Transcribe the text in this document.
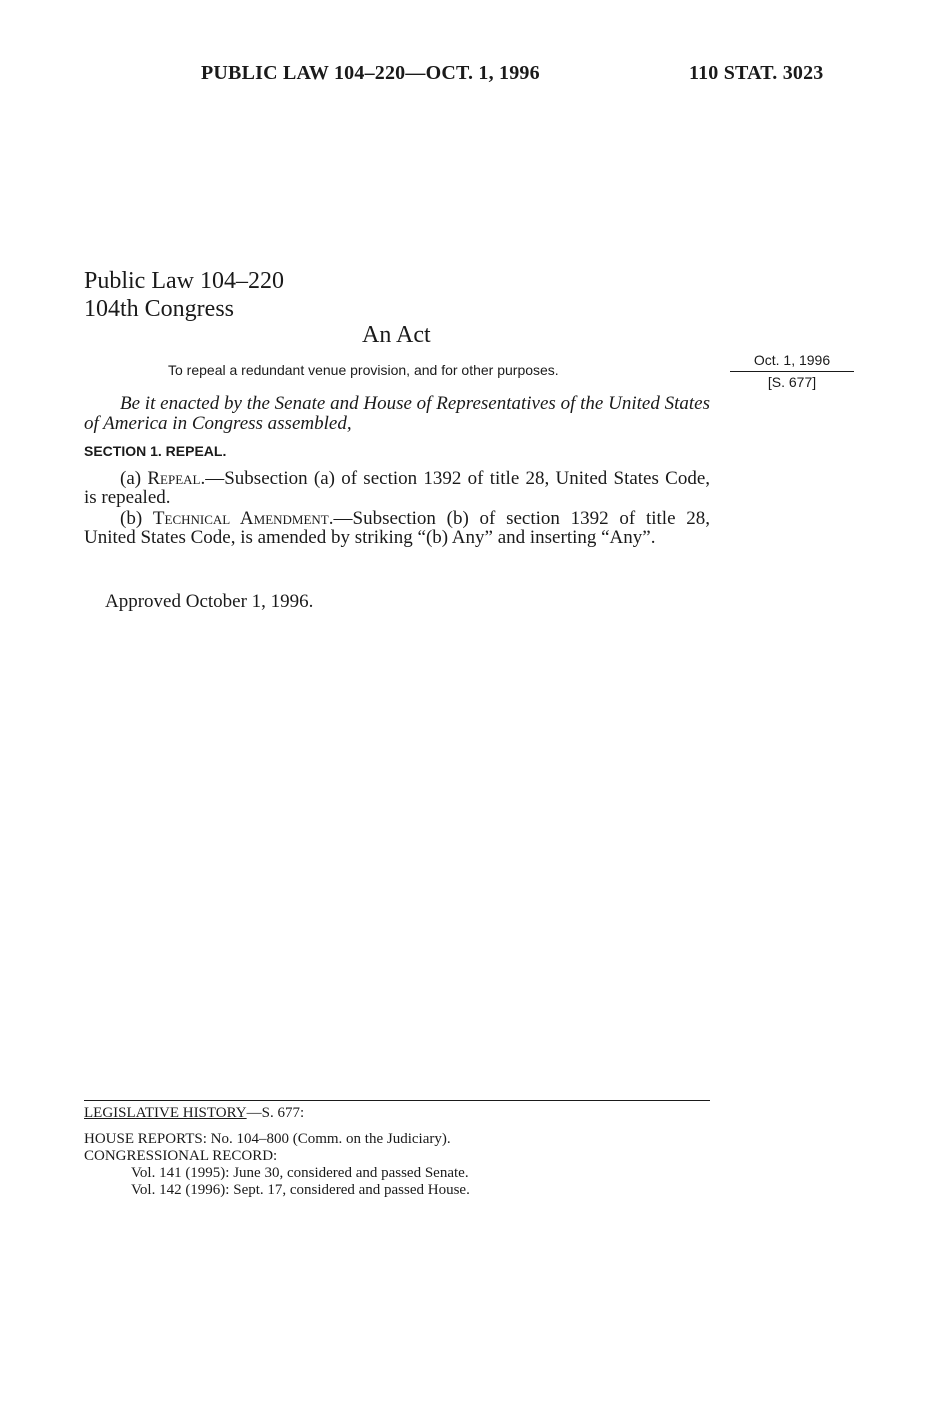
PUBLIC LAW 104–220—OCT. 1, 1996	110 STAT. 3023
Public Law 104–220
104th Congress
An Act
To repeal a redundant venue provision, and for other purposes.
Oct. 1, 1996
[S. 677]
Be it enacted by the Senate and House of Representatives of the United States of America in Congress assembled,
SECTION 1. REPEAL.
(a) Repeal.—Subsection (a) of section 1392 of title 28, United States Code, is repealed.
(b) Technical Amendment.—Subsection (b) of section 1392 of title 28, United States Code, is amended by striking “(b) Any” and inserting “Any”.
Approved October 1, 1996.
LEGISLATIVE HISTORY—S. 677:
HOUSE REPORTS: No. 104–800 (Comm. on the Judiciary).
CONGRESSIONAL RECORD:
Vol. 141 (1995): June 30, considered and passed Senate.
Vol. 142 (1996): Sept. 17, considered and passed House.
